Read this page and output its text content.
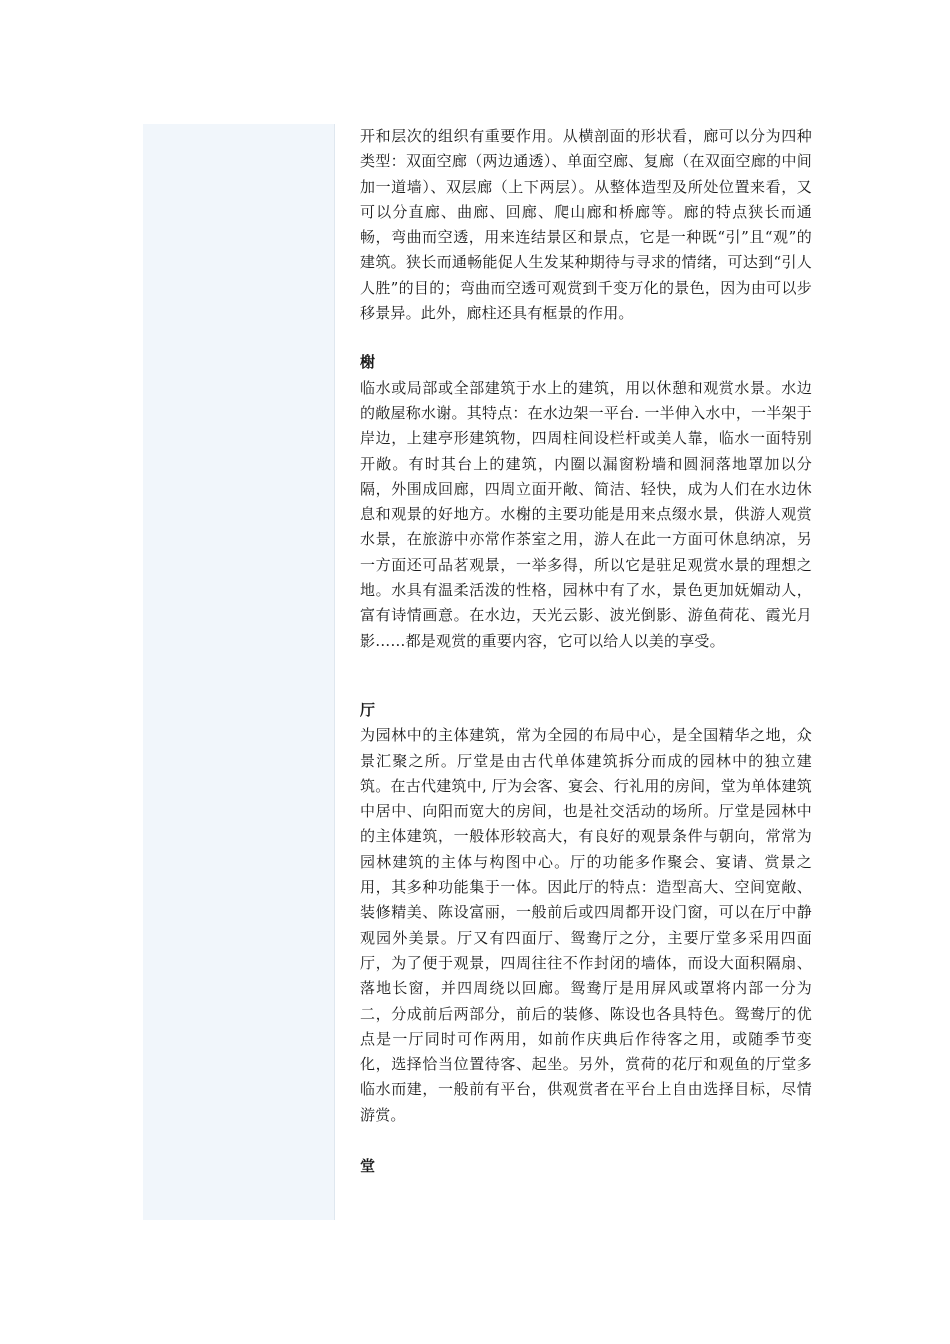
开和层次的组织有重要作用。从横剖面的形状看，廊可以分为四种类型：双面空廊（两边通透）、单面空廊、复廊（在双面空廊的中间加一道墙）、双层廊（上下两层）。从整体造型及所处位置来看，又可以分直廊、曲廊、回廊、爬山廊和桥廊等。廊的特点狭长而通畅，弯曲而空透，用来连结景区和景点，它是一种既“引”且“观”的建筑。狭长而通畅能促人生发某种期待与寻求的情绪，可达到“引人人胜”的目的；弯曲而空透可观赏到千变万化的景色，因为由可以步移景异。此外，廊柱还具有框景的作用。

榭

临水或局部或全部建筑于水上的建筑，用以休憩和观赏水景。水边的敞屋称水谢。其特点：在水边架一平台. 一半伸入水中，一半架于岸边，上建亭形建筑物，四周柱间设栏杆或美人靠，临水一面特别开敞。有时其台上的建筑，内圈以漏窗粉墙和圆洞落地罩加以分隔，外围成回廊，四周立面开敞、简洁、轻快，成为人们在水边休息和观景的好地方。水榭的主要功能是用来点缀水景，供游人观赏水景，在旅游中亦常作茶室之用，游人在此一方面可休息纳凉，另一方面还可品茗观景，一举多得，所以它是驻足观赏水景的理想之地。水具有温柔活泼的性格，园林中有了水，景色更加妩媚动人，富有诗情画意。在水边，天光云影、波光倒影、游鱼荷花、霞光月影……都是观赏的重要内容，它可以给人以美的享受。

厅

为园林中的主体建筑，常为全园的布局中心，是全国精华之地，众景汇聚之所。厅堂是由古代单体建筑拆分而成的园林中的独立建筑。在古代建筑中, 厅为会客、宴会、行礼用的房间，堂为单体建筑中居中、向阳而宽大的房间，也是社交活动的场所。厅堂是园林中的主体建筑，一般体形较高大，有良好的观景条件与朝向，常常为园林建筑的主体与构图中心。厅的功能多作聚会、宴请、赏景之用，其多种功能集于一体。因此厅的特点：造型高大、空间宽敞、装修精美、陈设富丽，一般前后或四周都开设门窗，可以在厅中静观园外美景。厅又有四面厅、鸳鸯厅之分，主要厅堂多采用四面厅，为了便于观景，四周往往不作封闭的墙体，而设大面积隔扇、落地长窗，并四周绕以回廊。鸳鸯厅是用屏风或罩将内部一分为二，分成前后两部分，前后的装修、陈设也各具特色。鸳鸯厅的优点是一厅同时可作两用，如前作庆典后作待客之用，或随季节变化，选择恰当位置待客、起坐。另外，赏荷的花厅和观鱼的厅堂多临水而建，一般前有平台，供观赏者在平台上自由选择目标，尽情游赏。

堂
